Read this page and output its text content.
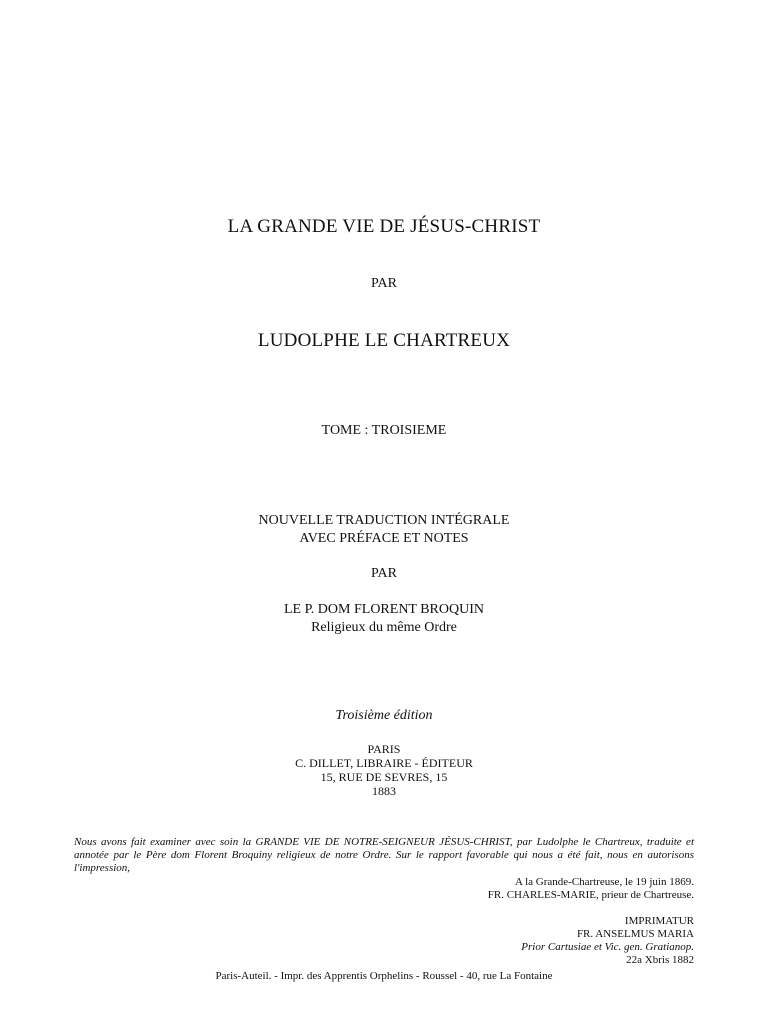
LA GRANDE VIE DE JÉSUS-CHRIST
PAR
LUDOLPHE LE CHARTREUX
TOME : TROISIEME
NOUVELLE TRADUCTION INTÉGRALE
AVEC PRÉFACE ET NOTES
PAR
LE P. DOM FLORENT BROQUIN
Religieux du même Ordre
Troisième édition
PARIS
C. DILLET, LIBRAIRE - ÉDITEUR
15, RUE DE SEVRES, 15
1883
Nous avons fait examiner avec soin la GRANDE VIE DE NOTRE-SEIGNEUR JÉSUS-CHRIST, par Ludolphe le Chartreux, traduite et annotée par le Père dom Florent Broquiny religieux de notre Ordre. Sur le rapport favorable qui nous a été fait, nous en autorisons l'impression,
A la Grande-Chartreuse, le 19 juin 1869.
FR. CHARLES-MARIE, prieur de Chartreuse.
IMPRIMATUR
FR. ANSELMUS MARIA
Prior Cartusiae et Vic. gen. Gratianop.
22a Xbris 1882
Paris-Auteil. - Impr. des Apprentis Orphelins - Roussel - 40, rue La Fontaine
